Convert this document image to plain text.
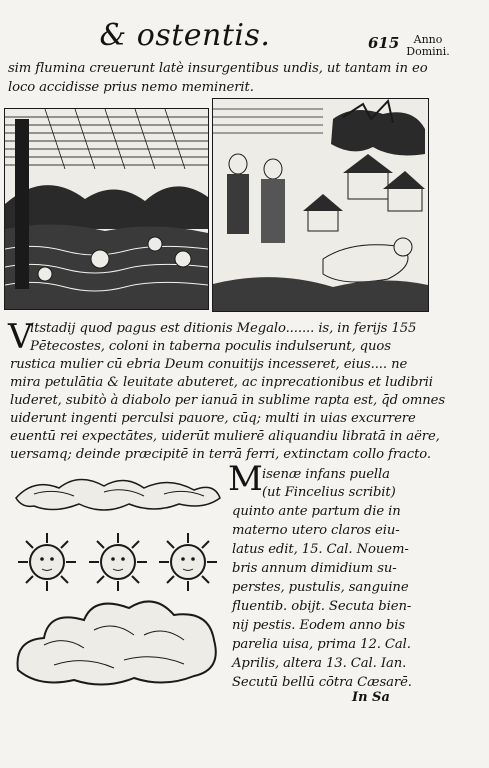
& ostentis.	615	Anno Domini.
sim flumina creuerunt latè insurgentibus undis, ut tantam in eo
loco accidisse prius nemo meminerit.
V
itstadij quod pagus est ditionis Megalo....... is, in ferijs 155
Pētecostes, coloni in taberna poculis indulserunt, quos
rustica mulier cū ebria Deum conuitijs incesseret, eius.... ne
mira petulātia & leuitate abuteret, ac inprecationibus et ludibrii
luderet, subitò à diabolo per ianuā in sublime rapta est, q̄d omnes
uiderunt ingenti perculsi pauore, cūq; multi in uias excurrere
euentū rei expectātes, uiderūt mulierē aliquandiu libratā in aëre,
uersamq; deinde præcipitē in terrā ferri, extinctam collo fracto.
M isenæ infans puella
(ut Fincelius scribit)
quinto ante partum die in
materno utero claros eiu-
latus edit, 15. Cal. Nouem-
bris annum dimidium su-
perstes, pustulis, sanguine
fluentib. obijt. Secuta bien-
nij pestis. Eodem anno bis
parelia uisa, prima 12. Cal.
Aprilis, altera 13. Cal. Ian.
Secutū bellū cōtra Cæsarē.
In Sa
